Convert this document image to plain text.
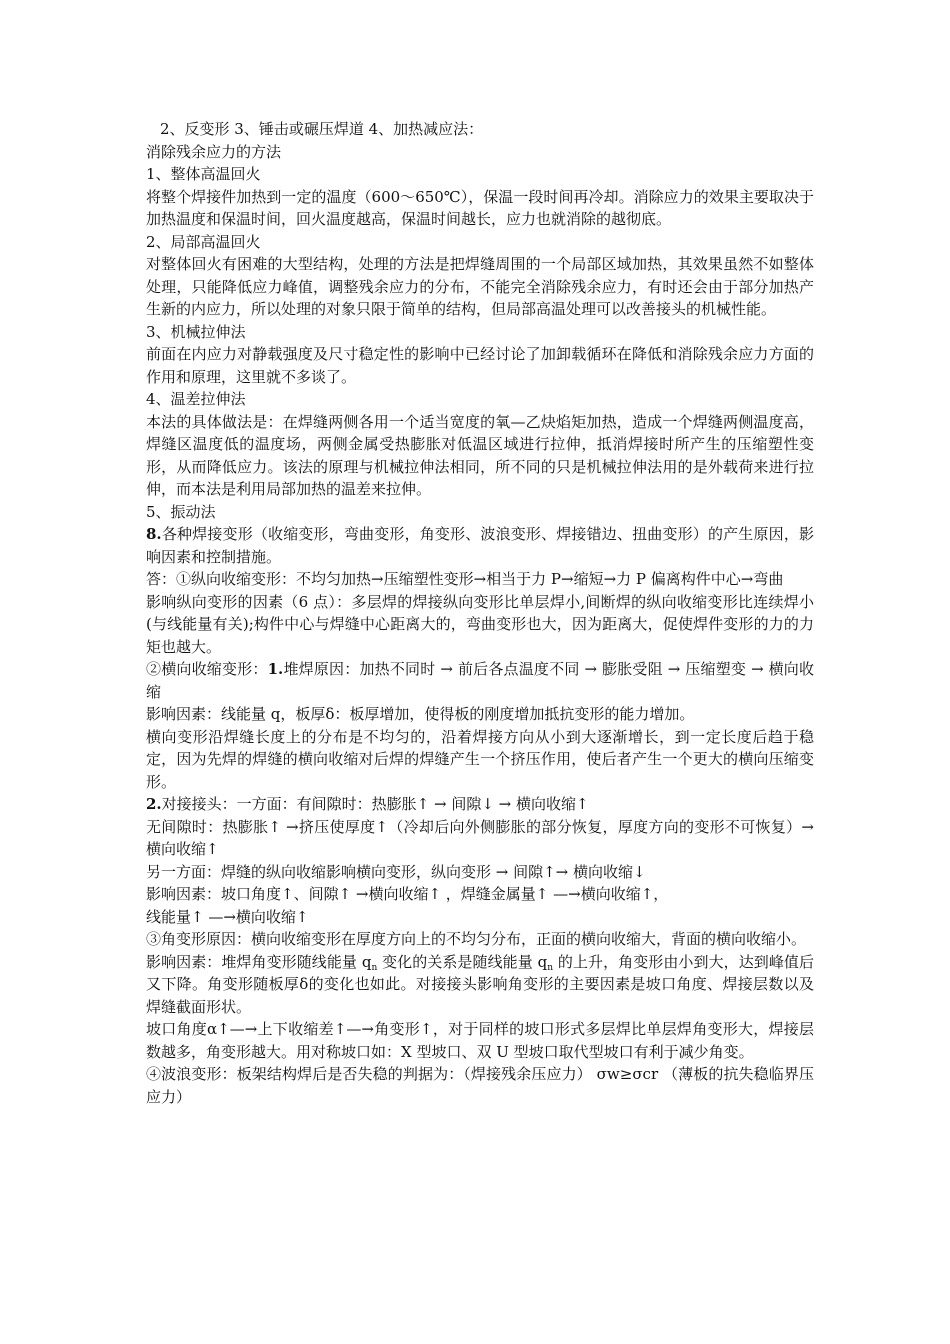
2、反变形 3、锤击或碾压焊道 4、加热减应法：

消除残余应力的方法

1、整体高温回火

将整个焊接件加热到一定的温度（600～650℃），保温一段时间再冷却。消除应力的效果主要取决于加热温度和保温时间，回火温度越高，保温时间越长，应力也就消除的越彻底。

2、局部高温回火

对整体回火有困难的大型结构，处理的方法是把焊缝周围的一个局部区域加热，其效果虽然不如整体处理，只能降低应力峰值，调整残余应力的分布，不能完全消除残余应力，有时还会由于部分加热产生新的内应力，所以处理的对象只限于简单的结构，但局部高温处理可以改善接头的机械性能。

3、机械拉伸法

前面在内应力对静载强度及尺寸稳定性的影响中已经讨论了加卸载循环在降低和消除残余应力方面的作用和原理，这里就不多谈了。

4、温差拉伸法

本法的具体做法是：在焊缝两侧各用一个适当宽度的氧—乙炔焰矩加热，造成一个焊缝两侧温度高，焊缝区温度低的温度场，两侧金属受热膨胀对低温区域进行拉伸，抵消焊接时所产生的压缩塑性变形，从而降低应力。该法的原理与机械拉伸法相同，所不同的只是机械拉伸法用的是外载荷来进行拉伸，而本法是利用局部加热的温差来拉伸。

5、振动法

8.各种焊接变形（收缩变形，弯曲变形，角变形、波浪变形、焊接错边、扭曲变形）的产生原因，影响因素和控制措施。

答：①纵向收缩变形：不均匀加热→压缩塑性变形→相当于力 P→缩短→力 P 偏离构件中心→弯曲

影响纵向变形的因素（6 点）：多层焊的焊接纵向变形比单层焊小,间断焊的纵向收缩变形比连续焊小(与线能量有关);构件中心与焊缝中心距离大的，弯曲变形也大，因为距离大，促使焊件变形的力的力矩也越大。

②横向收缩变形：1.堆焊原因：加热不同时 → 前后各点温度不同 → 膨胀受阻 → 压缩塑变 → 横向收缩

影响因素：线能量 q，板厚δ：板厚增加，使得板的刚度增加抵抗变形的能力增加。

横向变形沿焊缝长度上的分布是不均匀的，沿着焊接方向从小到大逐渐增长，到一定长度后趋于稳定，因为先焊的焊缝的横向收缩对后焊的焊缝产生一个挤压作用，使后者产生一个更大的横向压缩变形。

2.对接接头：一方面：有间隙时：热膨胀↑ → 间隙↓ → 横向收缩↑

无间隙时：热膨胀↑ →挤压使厚度↑（冷却后向外侧膨胀的部分恢复，厚度方向的变形不可恢复）→横向收缩↑

另一方面：焊缝的纵向收缩影响横向变形，纵向变形 → 间隙↑→ 横向收缩↓

影响因素：坡口角度↑、间隙↑ →横向收缩↑ ，焊缝金属量↑ —→横向收缩↑，

线能量↑ —→横向收缩↑

③角变形原因：横向收缩变形在厚度方向上的不均匀分布，正面的横向收缩大，背面的横向收缩小。

影响因素：堆焊角变形随线能量 $q_n$ 变化的关系是随线能量 $q_n$ 的上升，角变形由小到大，达到峰值后又下降。角变形随板厚δ的变化也如此。对接接头影响角变形的主要因素是坡口角度、焊接层数以及焊缝截面形状。

坡口角度α↑—→上下收缩差↑—→角变形↑，对于同样的坡口形式多层焊比单层焊角变形大，焊接层数越多，角变形越大。用对称坡口如：X 型坡口、双 U 型坡口取代型坡口有利于减少角变。

④波浪变形：板架结构焊后是否失稳的判据为：（焊接残余压应力） σw≥σcr （薄板的抗失稳临界压应力）
